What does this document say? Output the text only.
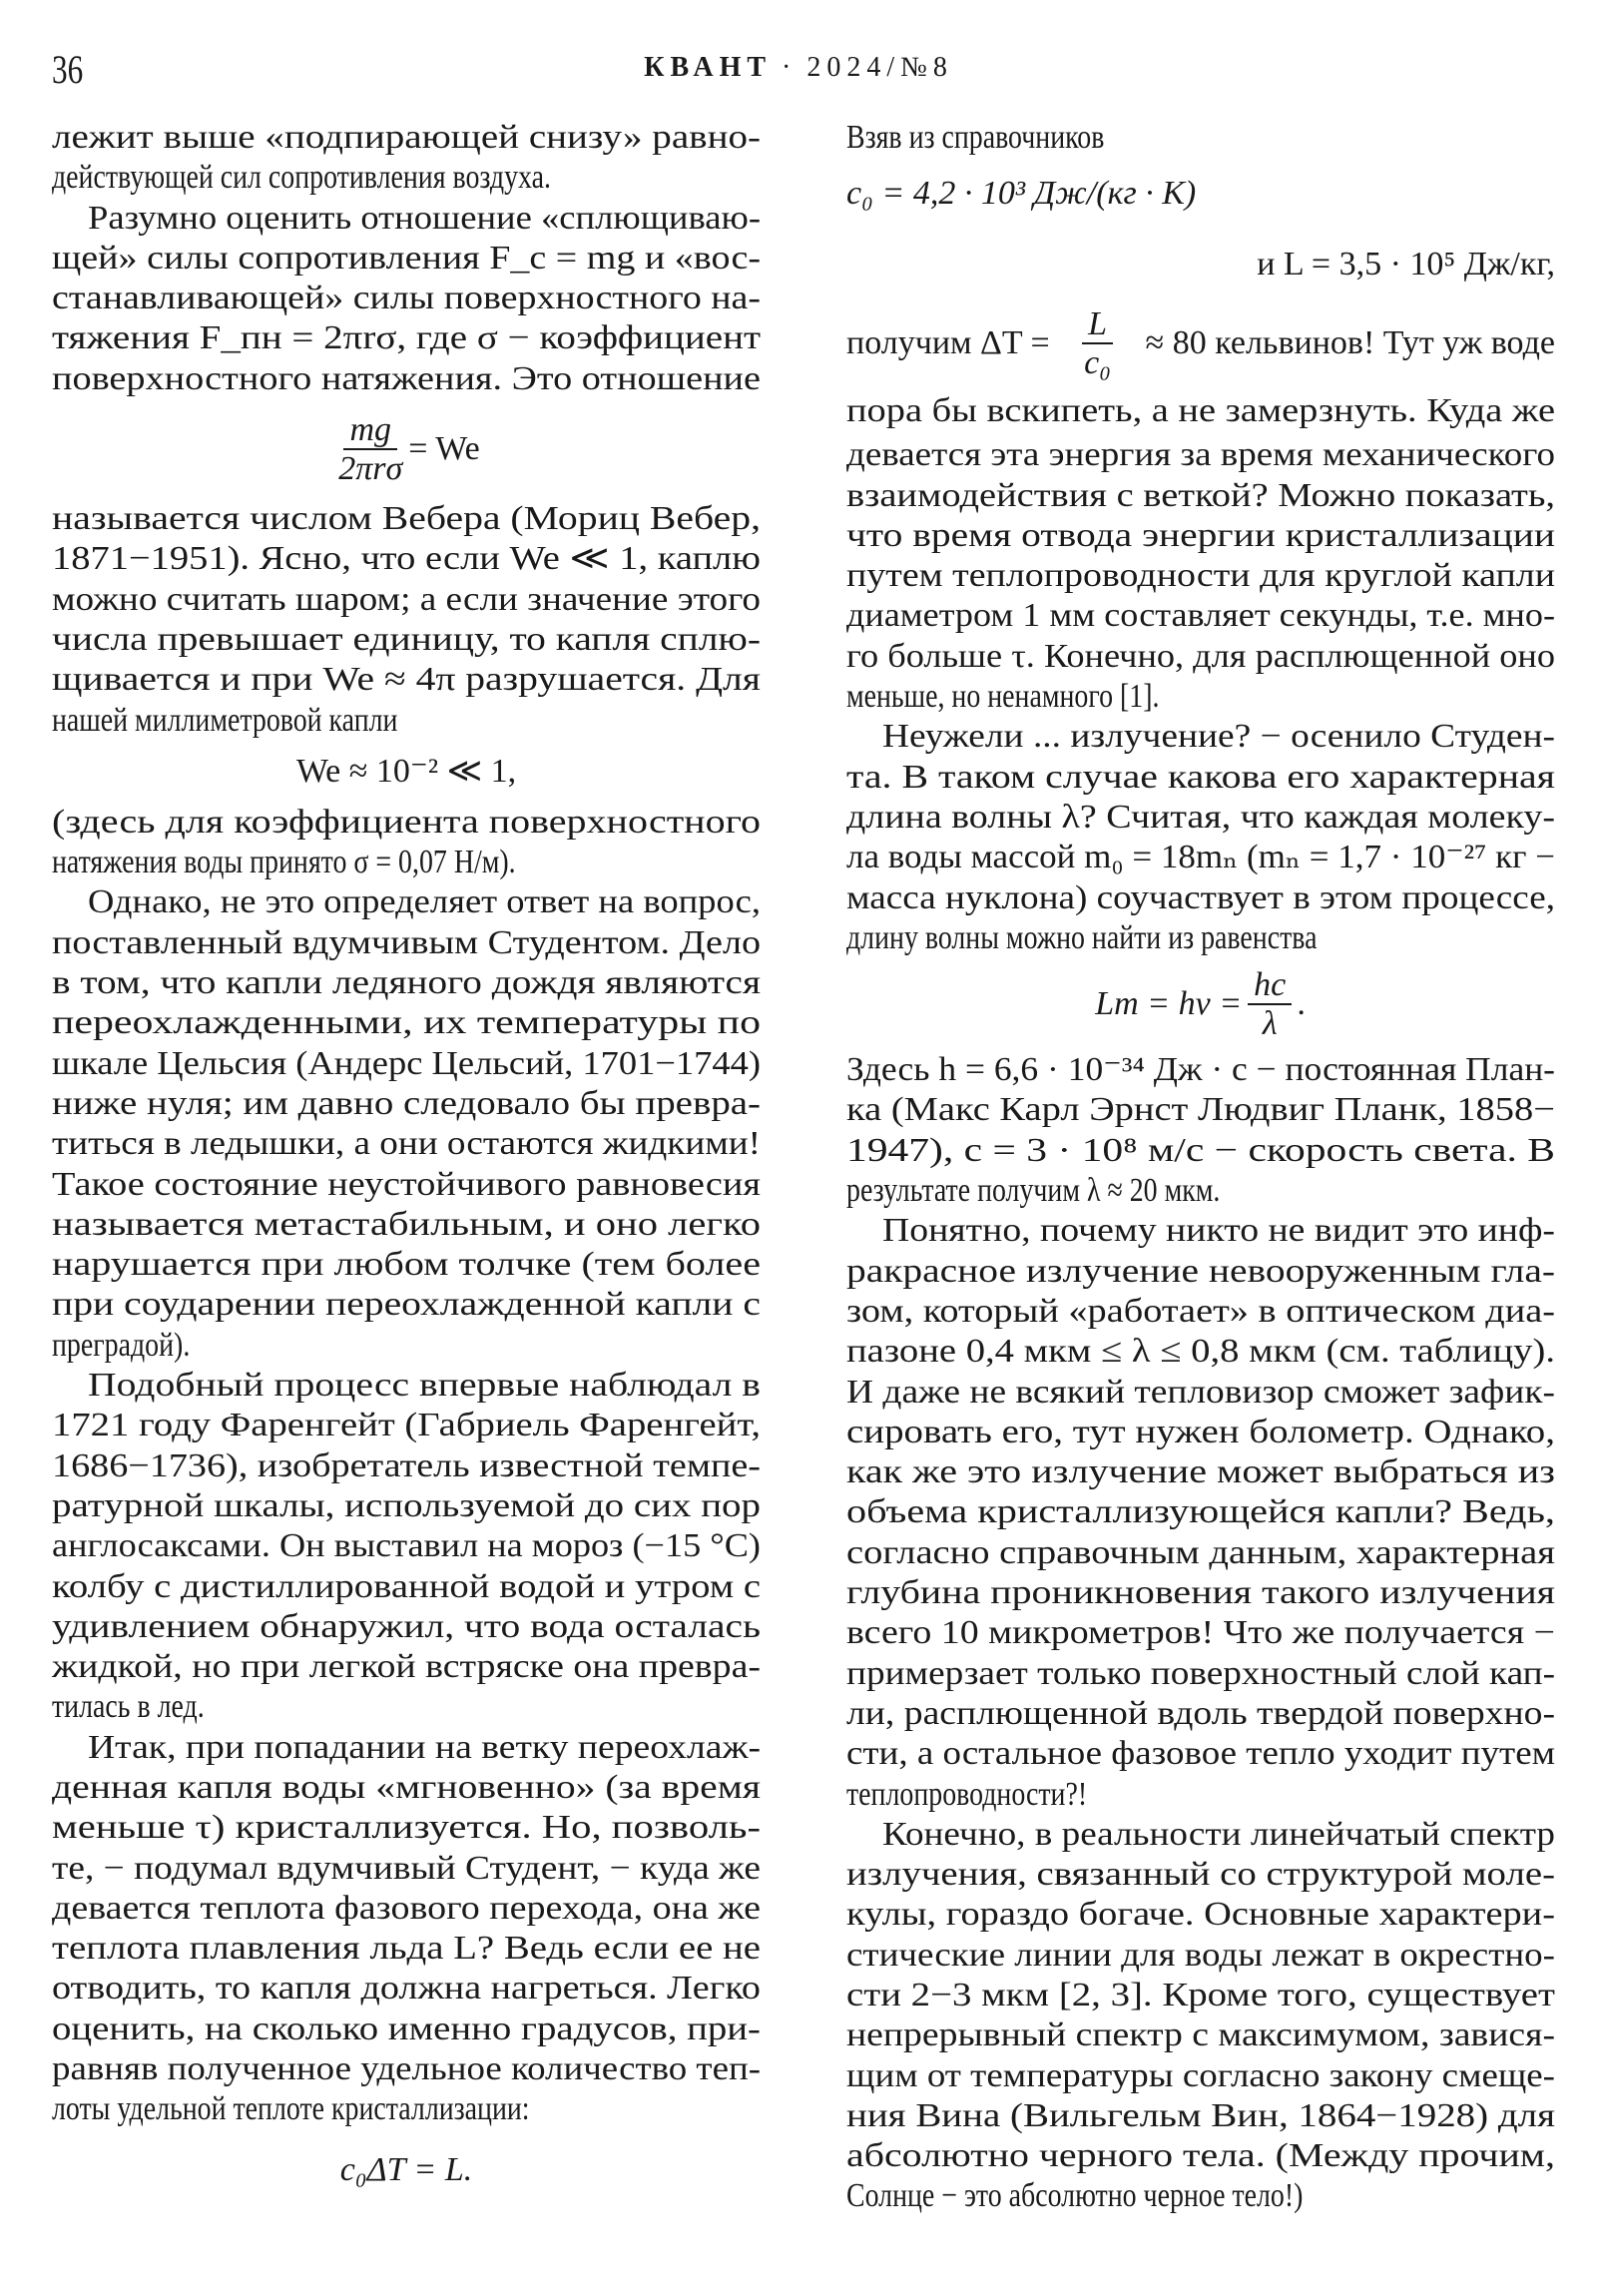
36	КВАНТ · 2024/№8
лежит выше «подпирающей снизу» равно-
действующей сил сопротивления воздуха.
Разумно оценить отношение «сплющиваю-
щей» силы сопротивления F_с = mg и «вос-
станавливающей» силы поверхностного на-
тяжения F_пн = 2πrσ, где σ − коэффициент
поверхностного натяжения. Это отношение
$\frac{mg}{\text{2πrσ}} = We$
называется числом Вебера (Мориц Вебер,
1871−1951). Ясно, что если We ≪ 1, каплю
можно считать шаром; а если значение этого
числа превышает единицу, то капля сплю-
щивается и при We ≈ 4π разрушается. Для
нашей миллиметровой капли
We ≈ 10⁻² ≪ 1,
(здесь для коэффициента поверхностного
натяжения воды принято σ = 0,07 Н/м).
Однако, не это определяет ответ на вопрос,
поставленный вдумчивым Студентом. Дело
в том, что капли ледяного дождя являются
переохлажденными, их температуры по
шкале Цельсия (Андерс Цельсий, 1701−1744)
ниже нуля; им давно следовало бы превра-
титься в ледышки, а они остаются жидкими!
Такое состояние неустойчивого равновесия
называется метастабильным, и оно легко
нарушается при любом толчке (тем более
при соударении переохлажденной капли с
преградой).
Подобный процесс впервые наблюдал в
1721 году Фаренгейт (Габриель Фаренгейт,
1686−1736), изобретатель известной темпе-
ратурной шкалы, используемой до сих пор
англосаксами. Он выставил на мороз (−15 °С)
колбу с дистиллированной водой и утром с
удивлением обнаружил, что вода осталась
жидкой, но при легкой встряске она превра-
тилась в лед.
Итак, при попадании на ветку переохлаж-
денная капля воды «мгновенно» (за время
меньше τ) кристаллизуется. Но, позволь-
те, − подумал вдумчивый Студент, − куда же
девается теплота фазового перехода, она же
теплота плавления льда L? Ведь если ее не
отводить, то капля должна нагреться. Легко
оценить, на сколько именно градусов, при-
равняв полученное удельное количество теп-
лоты удельной теплоте кристаллизации:
c₀ΔT = L.
Взяв из справочников
c₀ = 4,2 · 10³ Дж/(кг · К)
и L = 3,5 · 10⁵ Дж/кг,
получим $\Delta T = \frac{L}{\text{c₀}} \approx 80$ кельвинов! Тут уж воде
пора бы вскипеть, а не замерзнуть. Куда же
девается эта энергия за время механического
взаимодействия с веткой? Можно показать,
что время отвода энергии кристаллизации
путем теплопроводности для круглой капли
диаметром 1 мм составляет секунды, т.е. мно-
го больше τ. Конечно, для расплющенной оно
меньше, но ненамного [1].
Неужели ... излучение? − осенило Студен-
та. В таком случае какова его характерная
длина волны λ? Считая, что каждая молеку-
ла воды массой m₀ = 18mₙ (mₙ = 1,7 · 10⁻²⁷ кг −
масса нуклона) соучаствует в этом процессе,
длину волны можно найти из равенства
$Lm = h\nu = \frac{hc}{\lambda}$ .
Здесь h = 6,6 · 10⁻³⁴ Дж · с − постоянная План-
ка (Макс Карл Эрнст Людвиг Планк, 1858−
1947), c = 3 · 10⁸ м/с − скорость света. В
результате получим λ ≈ 20 мкм.
Понятно, почему никто не видит это инф-
ракрасное излучение невооруженным гла-
зом, который «работает» в оптическом диа-
пазоне 0,4 мкм ≤ λ ≤ 0,8 мкм (см. таблицу).
И даже не всякий тепловизор сможет зафик-
сировать его, тут нужен болометр. Однако,
как же это излучение может выбраться из
объема кристаллизующейся капли? Ведь,
согласно справочным данным, характерная
глубина проникновения такого излучения
всего 10 микрометров! Что же получается −
примерзает только поверхностный слой кап-
ли, расплющенной вдоль твердой поверхно-
сти, а остальное фазовое тепло уходит путем
теплопроводности?!
Конечно, в реальности линейчатый спектр
излучения, связанный со структурой моле-
кулы, гораздо богаче. Основные характери-
стические линии для воды лежат в окрестно-
сти 2−3 мкм [2, 3]. Кроме того, существует
непрерывный спектр с максимумом, завися-
щим от температуры согласно закону смеще-
ния Вина (Вильгельм Вин, 1864−1928) для
абсолютно черного тела. (Между прочим,
Солнце − это абсолютно черное тело!)
